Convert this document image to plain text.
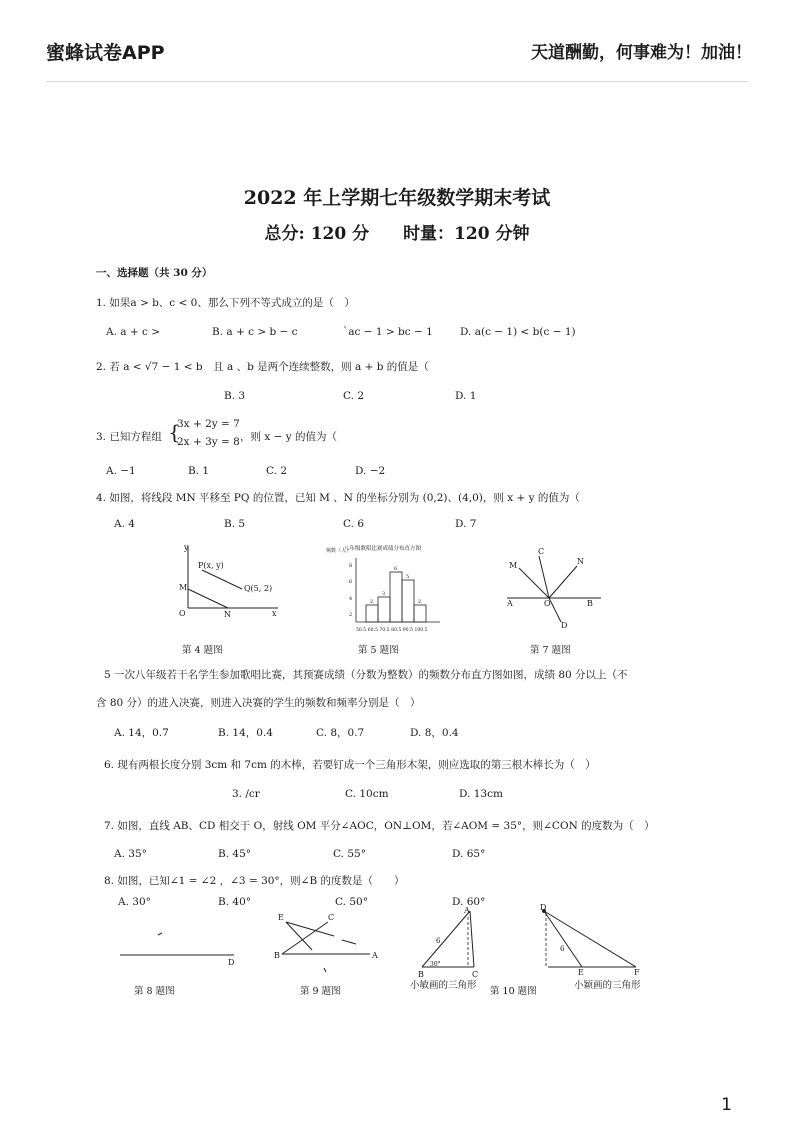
蜜蜂试卷APP	天道酬勤，何事难为！加油！
2022 年上学期七年级数学期末考试
总分: 120 分 时量：120 分钟
一、选择题（共 30 分）
1. 如果a > b、c < 0、那么下列不等式成立的是（　）
A. a + c >	B. a + c > b − c	`ac − 1 > bc − 1	D. a(c − 1) < b(c − 1)
2. 若 a < √7 − 1 < b　且 a 、b 是两个连续整数，则 a + b 的值是（
B. 3	C. 2	D. 1
3. 已知方程组 {
3x + 2y = 7
2x + 3y = 8 ，则 x − y 的值为（
A. −1	B. 1	C. 2	D. −2
4. 如图，将线段 MN 平移至 PQ 的位置，已知 M 、N 的坐标分别为 (0,2)、(4,0)，则 x + y 的值为（
A. 4	B. 5	C. 6	D. 7
y
x
O
M
N
P(x, y)
Q(5, 2)
第 4 题图
八年级歌唱比赛成绩分布直方图
频数（人）
8
6
4
2
2
3
6
5
2
50.5 60.5 70.5 80.5 90.5 100.5
第 5 题图
C
M	N
A	O	B
D
第 7 题图
5 一次八年级若干名学生参加歌唱比赛，其预赛成绩（分数为整数）的频数分布直方图如图，成绩 80 分以上（不
含 80 分）的进入决赛，则进入决赛的学生的频数和频率分别是（　）
A. 14，0.7	B. 14，0.4	C. 8，0.7	D. 8，0.4
6. 现有两根长度分别 3cm 和 7cm 的木棒，若要钉成一个三角形木架，则应选取的第三根木棒长为（　）
3. /cr	C. 10cm	D. 13cm
7. 如图，直线 AB、CD 相交于 O，射线 OM 平分∠AOC，ON⊥OM，若∠AOM = 35°，则∠CON 的度数为（　）
A. 35°	B. 45°	C. 55°	D. 65°
8. 如图，已知∠1 = ∠2 ，∠3 = 30°，则∠B 的度数是（　　）
A. 30°	B. 40°	C. 50°	D. 60°
D
第 8 题图
E	C
B	A
第 9 题图
A
B	C
6
30°
D
E	F
6
小敏画的三角形
第 10 题图
小颖画的三角形
1
